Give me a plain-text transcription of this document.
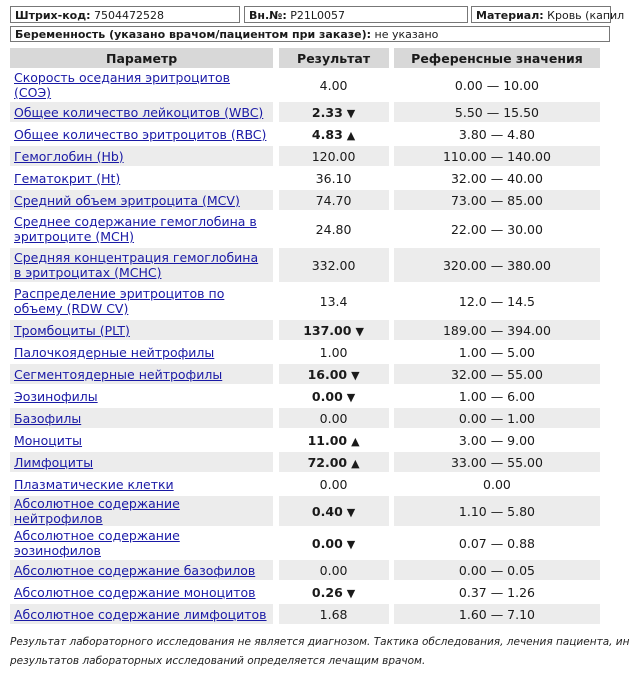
Штрих-код: 7504472528	Вн.№: P21L0057	Материал: Кровь (капил
Беременность (указано врачом/пациентом при заказе): не указано
Параметр		Результат		Референсные значения
Скорость оседания эритроцитов (СОЭ)		4.00		0.00 — 10.00
Общее количество лейкоцитов (WBC)		2.33 ▼		5.50 — 15.50
Общее количество эритроцитов (RBC)		4.83 ▲		3.80 — 4.80
Гемоглобин (Hb)		120.00		110.00 — 140.00
Гематокрит (Ht)		36.10		32.00 — 40.00
Средний объем эритроцита (MCV)		74.70		73.00 — 85.00
Среднее содержание гемоглобина в эритроците (MCH)		24.80		22.00 — 30.00
Средняя концентрация гемоглобина в эритроцитах (MCHC)		332.00		320.00 — 380.00
Распределение эритроцитов по объему (RDW CV)		13.4		12.0 — 14.5
Тромбоциты (PLT)		137.00 ▼		189.00 — 394.00
Палочкоядерные нейтрофилы		1.00		1.00 — 5.00
Сегментоядерные нейтрофилы		16.00 ▼		32.00 — 55.00
Эозинофилы		0.00 ▼		1.00 — 6.00
Базофилы		0.00		0.00 — 1.00
Моноциты		11.00 ▲		3.00 — 9.00
Лимфоциты		72.00 ▲		33.00 — 55.00
Плазматические клетки		0.00		0.00
Абсолютное содержание нейтрофилов		0.40 ▼		1.10 — 5.80
Абсолютное содержание эозинофилов		0.00 ▼		0.07 — 0.88
Абсолютное содержание базофилов		0.00		0.00 — 0.05
Абсолютное содержание моноцитов		0.26 ▼		0.37 — 1.26
Абсолютное содержание лимфоцитов		1.68		1.60 — 7.10
Результат лабораторного исследования не является диагнозом. Тактика обследования, лечения пациента, ин
результатов лабораторных исследований определяется лечащим врачом.
